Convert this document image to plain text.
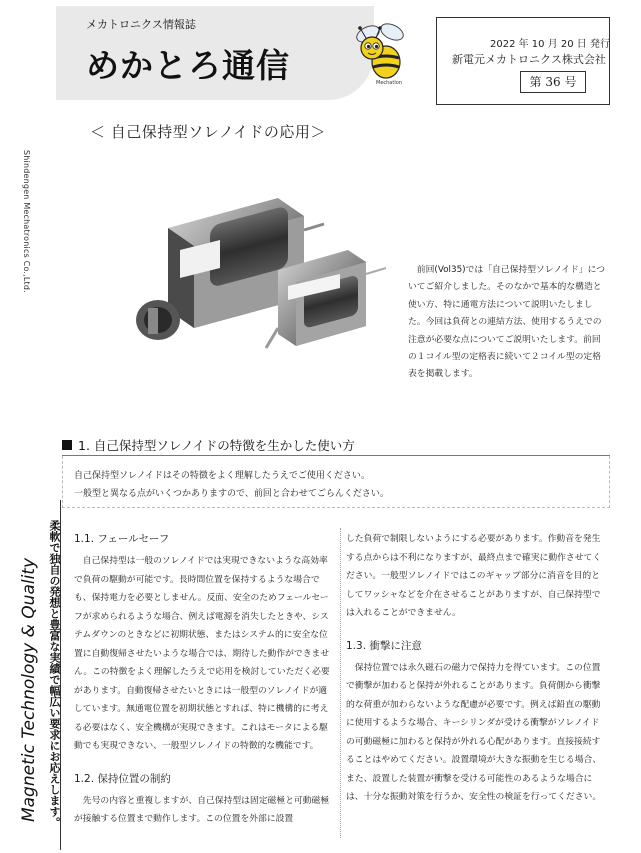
メカトロニクス情報誌
めかとろ通信	Mechatlon
2022 年 10 月 20 日 発行
新電元メカトロニクス株式会社
第 36 号
Shindengen Mechatronics Co.,Ltd.
Magnetic Technology & Quality 柔軟で独自の発想と豊富な実績で幅広い要求にお応えします。
＜ 自己保持型ソレノイドの応用＞

前回(Vol35)では「自己保持型ソレノイド」についてご紹介しました。そのなかで基本的な構造と使い方、特に通電方法について説明いたしました。今回は負荷との連結方法、使用するうえでの注意が必要な点についてご説明いたします。前回の１コイル型の定格表に続いて２コイル型の定格表を掲載します。

1. 自己保持型ソレノイドの特徴を生かした使い方
自己保持型ソレノイドはその特徴をよく理解したうえでご使用ください。
一般型と異なる点がいくつかありますので、前回と合わせてごらんください。
1.1. フェールセーフ

自己保持型は一般のソレノイドでは実現できないような高効率で負荷の駆動が可能です。長時間位置を保持するような場合でも、保持電力を必要としません。反面、安全のためフェールセーフが求められるような場合、例えば電源を消失したときや、システムダウンのときなどに初期状態、またはシステム的に安全な位置に自動復帰させたいような場合では、期待した動作ができません。この特徴をよく理解したうえで応用を検討していただく必要があります。自動復帰させたいときには一般型のソレノイドが適しています。無通電位置を初期状態とすれば、特に機構的に考える必要はなく、安全機構が実現できます。これはモータによる駆動でも実現できない、一般型ソレノイドの特徴的な機能です。

1.2. 保持位置の制約

先号の内容と重複しますが、自己保持型は固定磁極と可動磁極が接触する位置まで動作します。この位置を外部に設置

した負荷で制限しないようにする必要があります。作動音を発生する点からは不利になりますが、最終点まで確実に動作させてください。一般型ソレノイドではこのギャップ部分に消音を目的としてワッシャなどを介在させることがありますが、自己保持型では入れることができません。

1.3. 衝撃に注意

保持位置では永久磁石の磁力で保持力を得ています。この位置で衝撃が加わると保持が外れることがあります。負荷側から衝撃的な荷重が加わらないような配慮が必要です。例えば鉛直の駆動に使用するような場合、キーシリンダが受ける衝撃がソレノイドの可動磁極に加わると保持が外れる心配があります。直接接続することはやめてください。設置環境が大きな振動を生じる場合、また、設置した装置が衝撃を受ける可能性のあるような場合には、十分な振動対策を行うか、安全性の検証を行ってください。
